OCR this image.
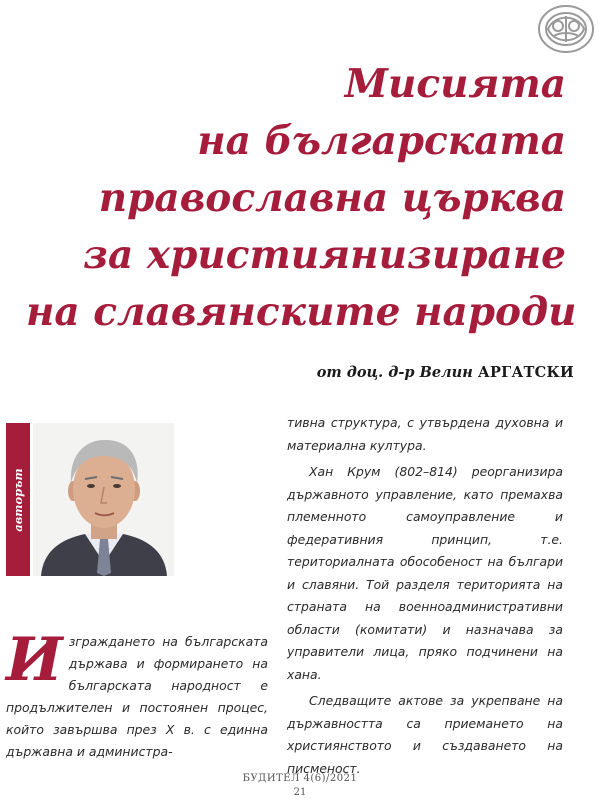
Мисията
на българската
православна църква
за християнизиране
на славянските народи
от доц. д-р Велин АРГАТСКИ
авторът

Изграждането на българската държава и формирането на българската народност е продължителен и постоянен процес, който завършва през Х в. с единна държавна и администра-

тивна структура, с утвърдена духовна и материална култура.

Хан Крум (802–814) реорганизира държавното управление, като премахва племенното самоуправление и федеративния принцип, т.е. териториалната обособеност на българи и славяни. Той разделя територията на страната на военноадминистративни области (комитати) и назначава за управители лица, пряко подчинени на хана.

Следващите актове за укрепване на държавността са приемането на християнството и създаването на писменост.

БУДИТЕЛ 4(6)/2021
21
